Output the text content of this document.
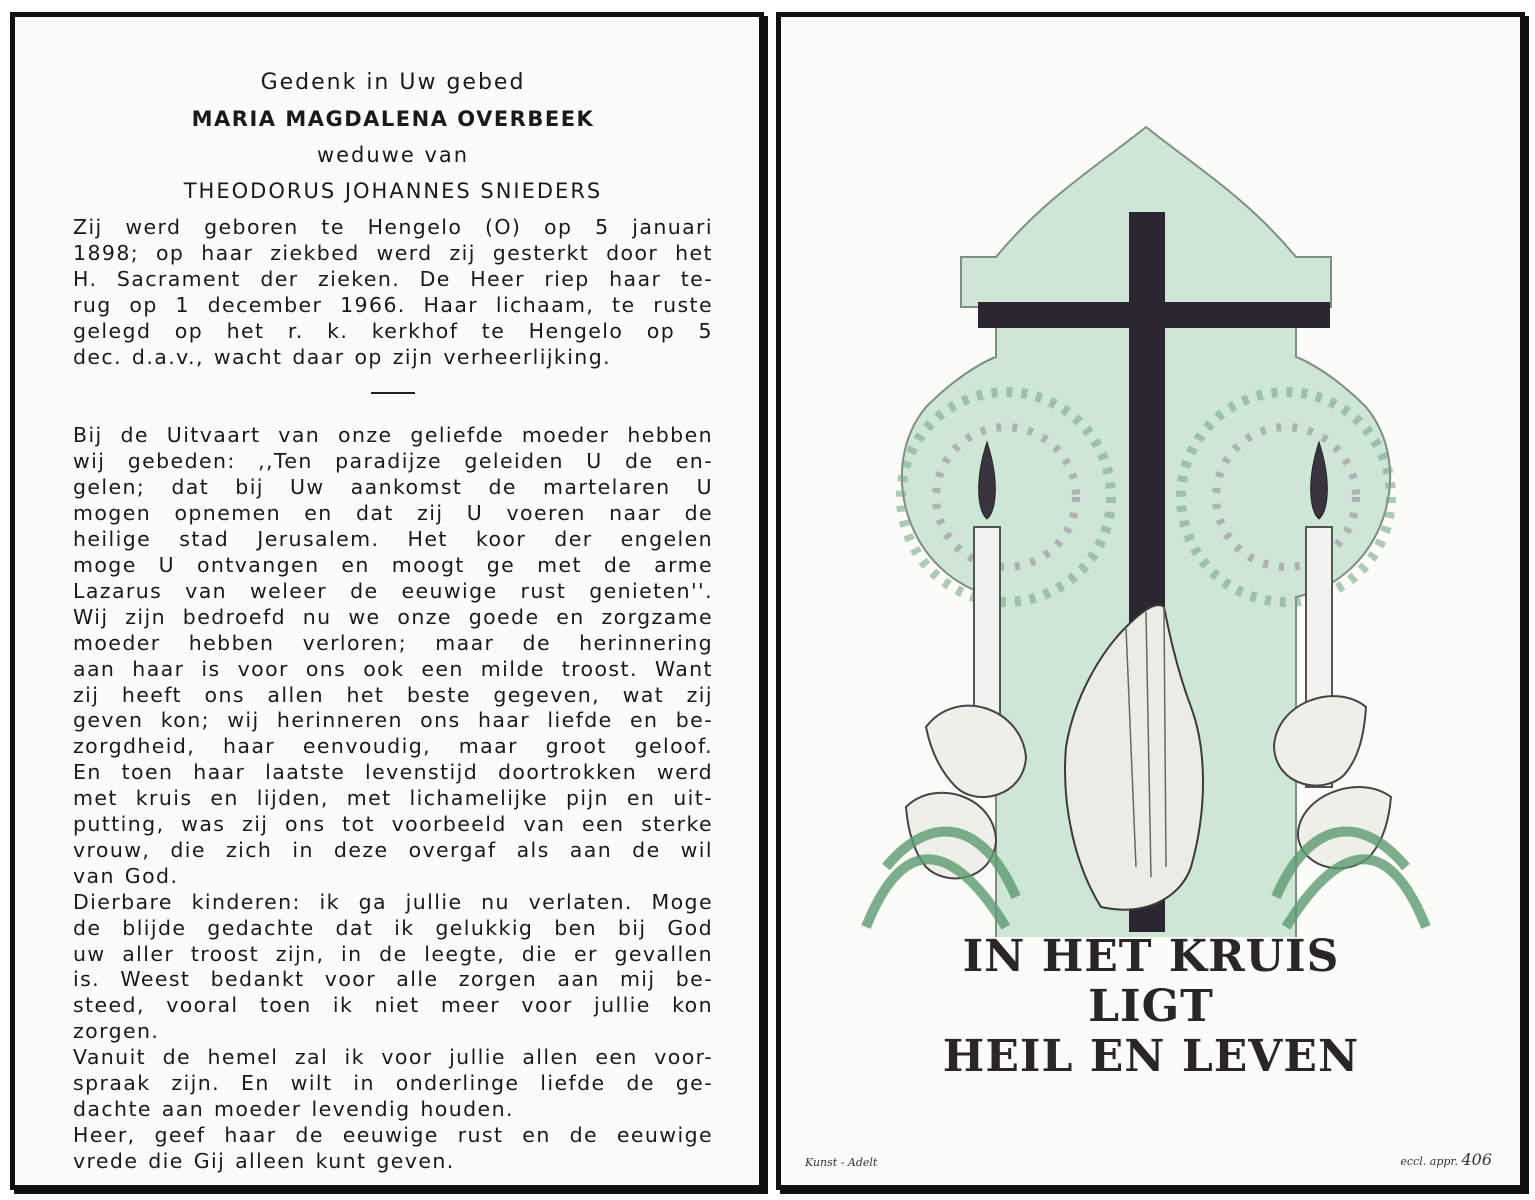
Gedenk in Uw gebed

MARIA MAGDALENA OVERBEEK

weduwe van

THEODORUS JOHANNES SNIEDERS

Zij werd geboren te Hengelo (O) op 5 januari

1898; op haar ziekbed werd zij gesterkt door het

H. Sacrament der zieken. De Heer riep haar te-

rug op 1 december 1966. Haar lichaam, te ruste

gelegd op het r. k. kerkhof te Hengelo op 5

dec. d.a.v., wacht daar op zijn verheerlijking.

Bij de Uitvaart van onze geliefde moeder hebben

wij gebeden: ,,Ten paradijze geleiden U de en-

gelen; dat bij Uw aankomst de martelaren U

mogen opnemen en dat zij U voeren naar de

heilige stad Jerusalem. Het koor der engelen

moge U ontvangen en moogt ge met de arme

Lazarus van weleer de eeuwige rust genieten''.

Wij zijn bedroefd nu we onze goede en zorgzame

moeder hebben verloren; maar de herinnering

aan haar is voor ons ook een milde troost. Want

zij heeft ons allen het beste gegeven, wat zij

geven kon; wij herinneren ons haar liefde en be-

zorgdheid, haar eenvoudig, maar groot geloof.

En toen haar laatste levenstijd doortrokken werd

met kruis en lijden, met lichamelijke pijn en uit-

putting, was zij ons tot voorbeeld van een sterke

vrouw, die zich in deze overgaf als aan de wil

van God.

Dierbare kinderen: ik ga jullie nu verlaten. Moge

de blijde gedachte dat ik gelukkig ben bij God

uw aller troost zijn, in de leegte, die er gevallen

is. Weest bedankt voor alle zorgen aan mij be-

steed, vooral toen ik niet meer voor jullie kon

zorgen.

Vanuit de hemel zal ik voor jullie allen een voor-

spraak zijn. En wilt in onderlinge liefde de ge-

dachte aan moeder levendig houden.

Heer, geef haar de eeuwige rust en de eeuwige

vrede die Gij alleen kunt geven.

IN HET KRUIS

LIGT

HEIL EN LEVEN

Kunst - Adelt	eccl. appr. 406
